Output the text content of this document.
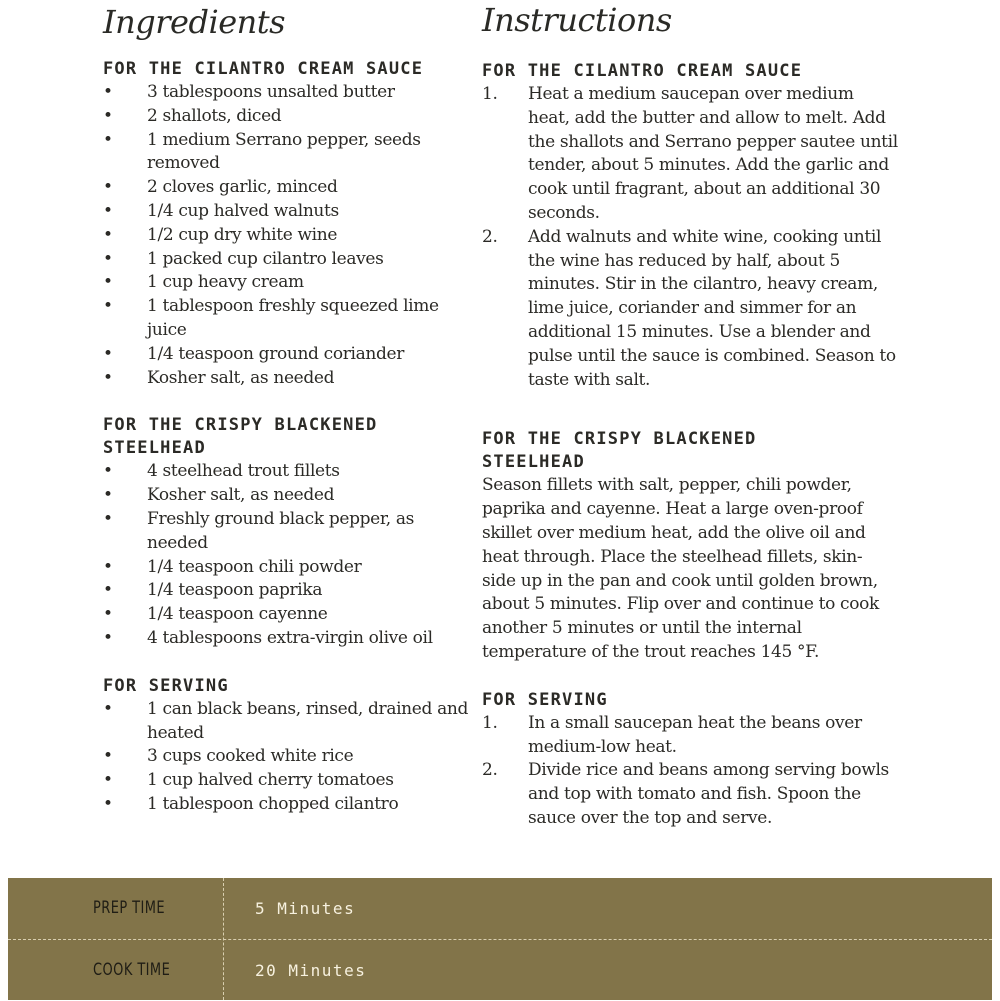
Ingredients
FOR THE CILANTRO CREAM SAUCE
• 3 tablespoons unsalted butter
• 2 shallots, diced
• 1 medium Serrano pepper, seeds removed
• 2 cloves garlic, minced
• 1/4 cup halved walnuts
• 1/2 cup dry white wine
• 1 packed cup cilantro leaves
• 1 cup heavy cream
• 1 tablespoon freshly squeezed lime juice
• 1/4 teaspoon ground coriander
• Kosher salt, as needed
FOR THE CRISPY BLACKENED STEELHEAD
• 4 steelhead trout fillets
• Kosher salt, as needed
• Freshly ground black pepper, as needed
• 1/4 teaspoon chili powder
• 1/4 teaspoon paprika
• 1/4 teaspoon cayenne
• 4 tablespoons extra-virgin olive oil
FOR SERVING
• 1 can black beans, rinsed, drained and heated
• 3 cups cooked white rice
• 1 cup halved cherry tomatoes
• 1 tablespoon chopped cilantro
Instructions
FOR THE CILANTRO CREAM SAUCE
1. Heat a medium saucepan over medium heat, add the butter and allow to melt. Add the shallots and Serrano pepper sautee until tender, about 5 minutes. Add the garlic and cook until fragrant, about an additional 30 seconds.
2. Add walnuts and white wine, cooking until the wine has reduced by half, about 5 minutes. Stir in the cilantro, heavy cream, lime juice, coriander and simmer for an additional 15 minutes. Use a blender and pulse until the sauce is combined. Season to taste with salt.
FOR THE CRISPY BLACKENED STEELHEAD

Season fillets with salt, pepper, chili powder, paprika and cayenne. Heat a large oven-proof skillet over medium heat, add the olive oil and heat through. Place the steelhead fillets, skin-side up in the pan and cook until golden brown, about 5 minutes. Flip over and continue to cook another 5 minutes or until the internal temperature of the trout reaches 145 °F.

FOR SERVING
1. In a small saucepan heat the beans over medium-low heat.
2. Divide rice and beans among serving bowls and top with tomato and fish. Spoon the sauce over the top and serve.
PREP TIME	5 Minutes
COOK TIME	20 Minutes
